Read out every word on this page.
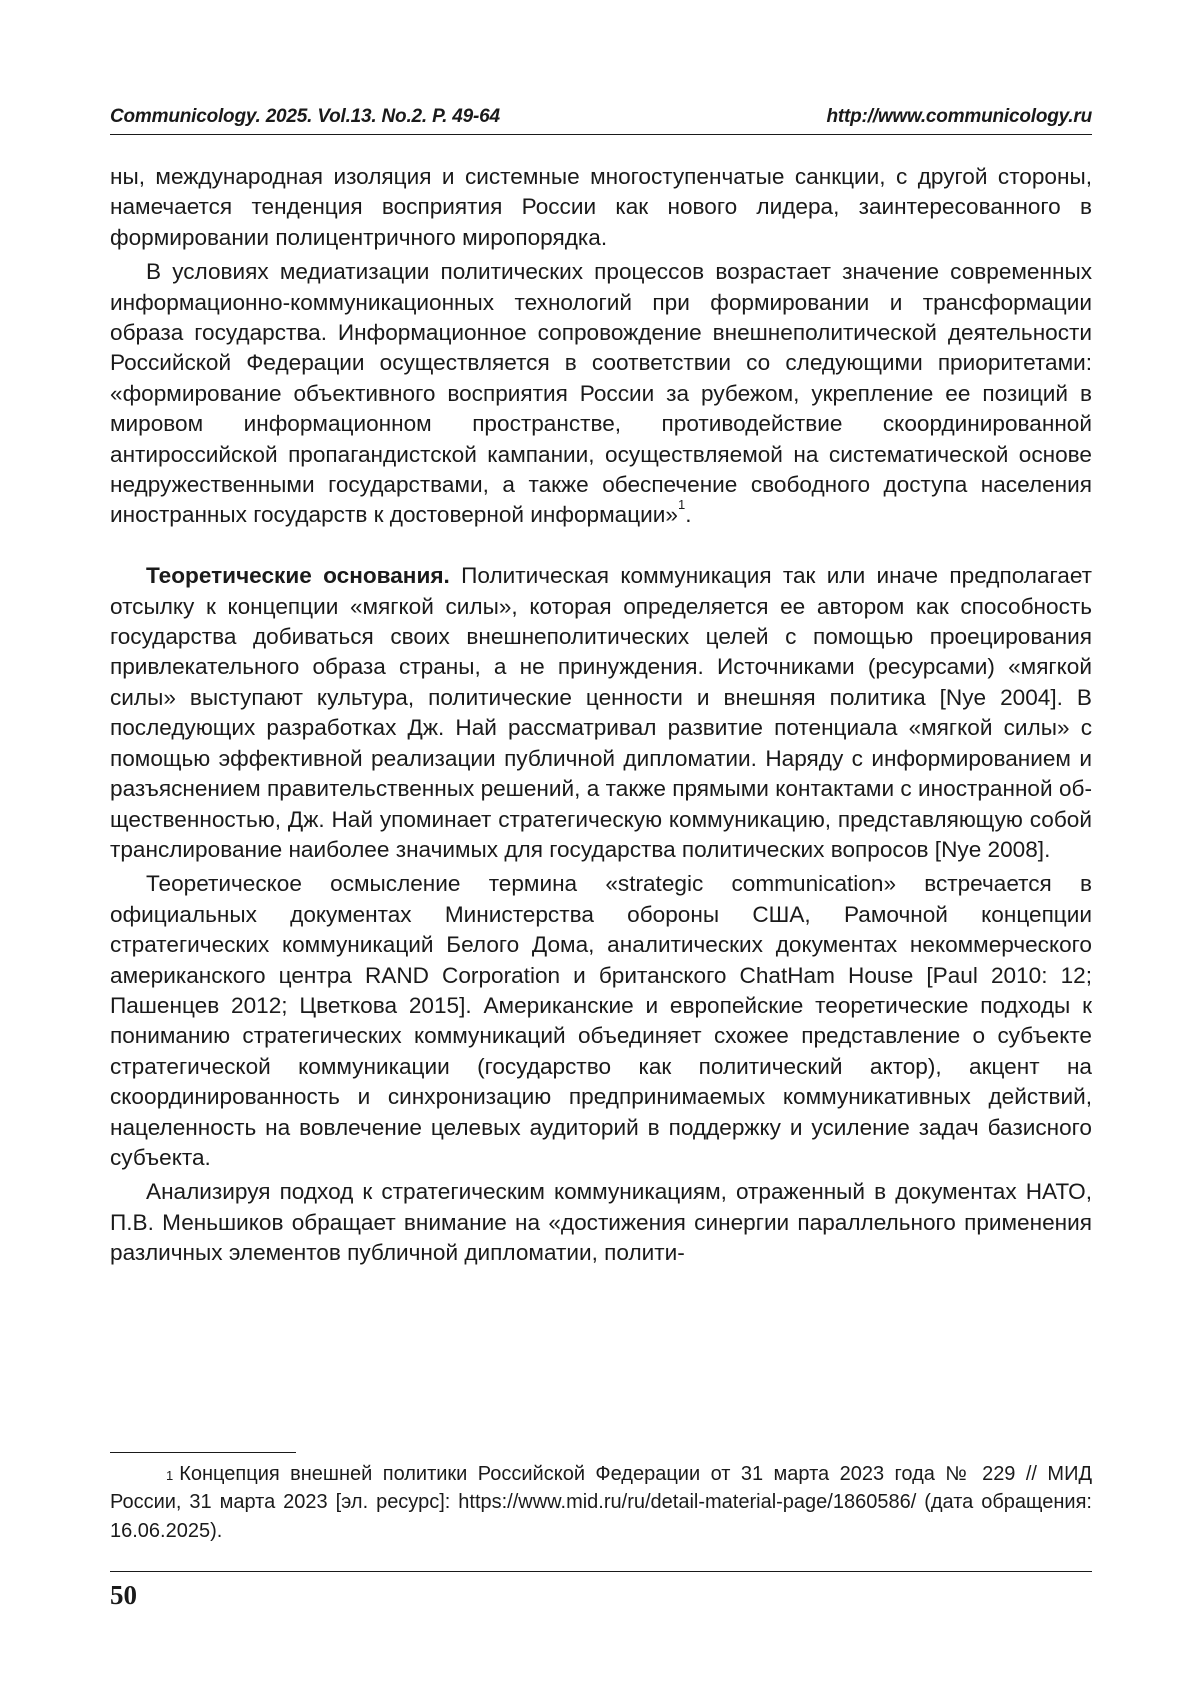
Communicology. 2025. Vol.13. No.2. P. 49-64	http://www.communicology.ru

ны, международная изоляция и системные многоступенчатые санкции, с другой стороны, намечается тенденция восприятия России как нового лидера, заинтересованного в формировании полицентричного миропорядка.

В условиях медиатизации политических процессов возрастает значение современных информационно-коммуникационных технологий при формировании и трансформации образа государства. Информационное сопровождение внешнеполитической деятельности Российской Федерации осуществляется в соответствии со следующими приоритетами: «формирование объективного восприятия России за рубежом, укрепление ее позиций в мировом информационном пространстве, противодействие скоординированной антироссийской пропагандистской кампании, осуществляемой на систематической основе недружественными государствами, а также обеспечение свободного доступа населения иностранных государств к достоверной информации»$^1$.

Теоретические основания. Политическая коммуникация так или иначе предполагает отсылку к концепции «мягкой силы», которая определяется ее автором как способность государства добиваться своих внешнеполитических целей с помощью проецирования привлекательного образа страны, а не принуждения. Источниками (ресурсами) «мягкой силы» выступают культура, политические ценности и внешняя политика [Nye 2004]. В последующих разработках Дж. Най рассматривал развитие потенциала «мягкой силы» с помощью эффективной реализации публичной дипломатии. Наряду с информированием и разъяснением правительственных решений, а также прямыми контактами с иностранной общественностью, Дж. Най упоминает стратегическую коммуникацию, представляющую собой транслирование наиболее значимых для государства политических вопросов [Nye 2008].

Теоретическое осмысление термина «strategic communication» встречается в официальных документах Министерства обороны США, Рамочной концепции стратегических коммуникаций Белого Дома, аналитических документах некоммерческого американского центра RAND Corporation и британского ChatHam House [Paul 2010: 12; Пашенцев 2012; Цветкова 2015]. Американские и европейские теоретические подходы к пониманию стратегических коммуникаций объединяет схожее представление о субъекте стратегической коммуникации (государство как политический актор), акцент на скоординированность и синхронизацию предпринимаемых коммуникативных действий, нацеленность на вовлечение целевых аудиторий в поддержку и усиление задач базисного субъекта.

Анализируя подход к стратегическим коммуникациям, отраженный в документах НАТО, П.В. Меньшиков обращает внимание на «достижения синергии параллельного применения различных элементов публичной дипломатии, полити-

$^1$ Концепция внешней политики Российской Федерации от 31 марта 2023 года № 229 // МИД России, 31 марта 2023 [эл. ресурс]: https://www.mid.ru/ru/detail-material-page/1860586/ (дата обращения: 16.06.2025).

50
